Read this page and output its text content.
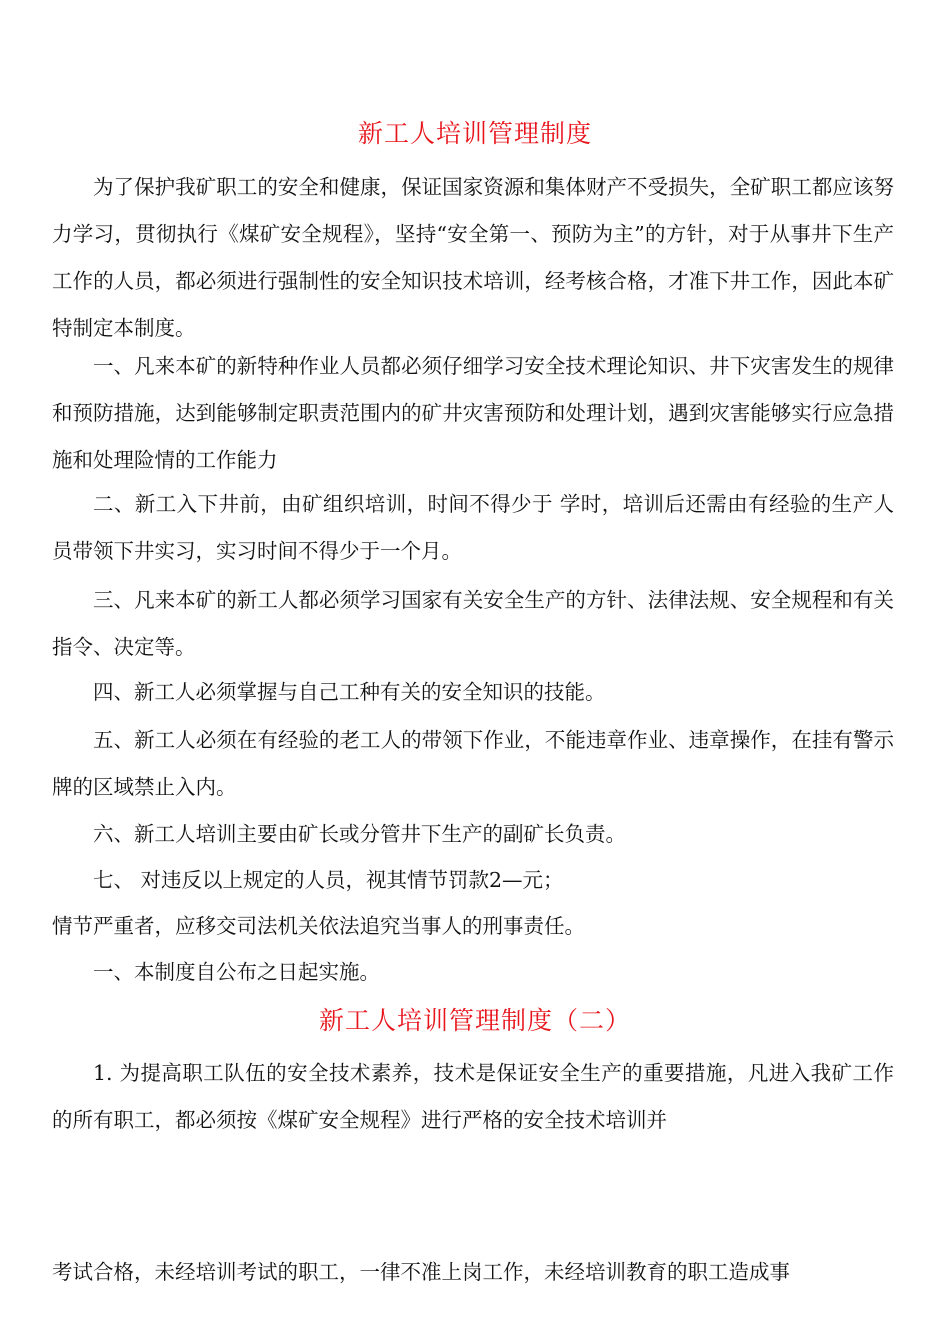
新工人培训管理制度

为了保护我矿职工的安全和健康，保证国家资源和集体财产不受损失，全矿职工都应该努力学习，贯彻执行《煤矿安全规程》，坚持“安全第一、预防为主”的方针，对于从事井下生产工作的人员，都必须进行强制性的安全知识技术培训，经考核合格，才准下井工作，因此本矿特制定本制度。

一、凡来本矿的新特种作业人员都必须仔细学习安全技术理论知识、井下灾害发生的规律和预防措施，达到能够制定职责范围内的矿井灾害预防和处理计划，遇到灾害能够实行应急措施和处理险情的工作能力

二、新工入下井前，由矿组织培训，时间不得少于 学时，培训后还需由有经验的生产人员带领下井实习，实习时间不得少于一个月。

三、凡来本矿的新工人都必须学习国家有关安全生产的方针、法律法规、安全规程和有关指令、决定等。

四、新工人必须掌握与自己工种有关的安全知识的技能。

五、新工人必须在有经验的老工人的带领下作业，不能违章作业、违章操作，在挂有警示牌的区域禁止入内。

六、新工人培训主要由矿长或分管井下生产的副矿长负责。

七、 对违反以上规定的人员，视其情节罚款2—元；

情节严重者，应移交司法机关依法追究当事人的刑事责任。

一、本制度自公布之日起实施。

新工人培训管理制度（二）

1. 为提高职工队伍的安全技术素养，技术是保证安全生产的重要措施，凡进入我矿工作的所有职工，都必须按《煤矿安全规程》进行严格的安全技术培训并

考试合格，未经培训考试的职工，一律不准上岗工作，未经培训教育的职工造成事
